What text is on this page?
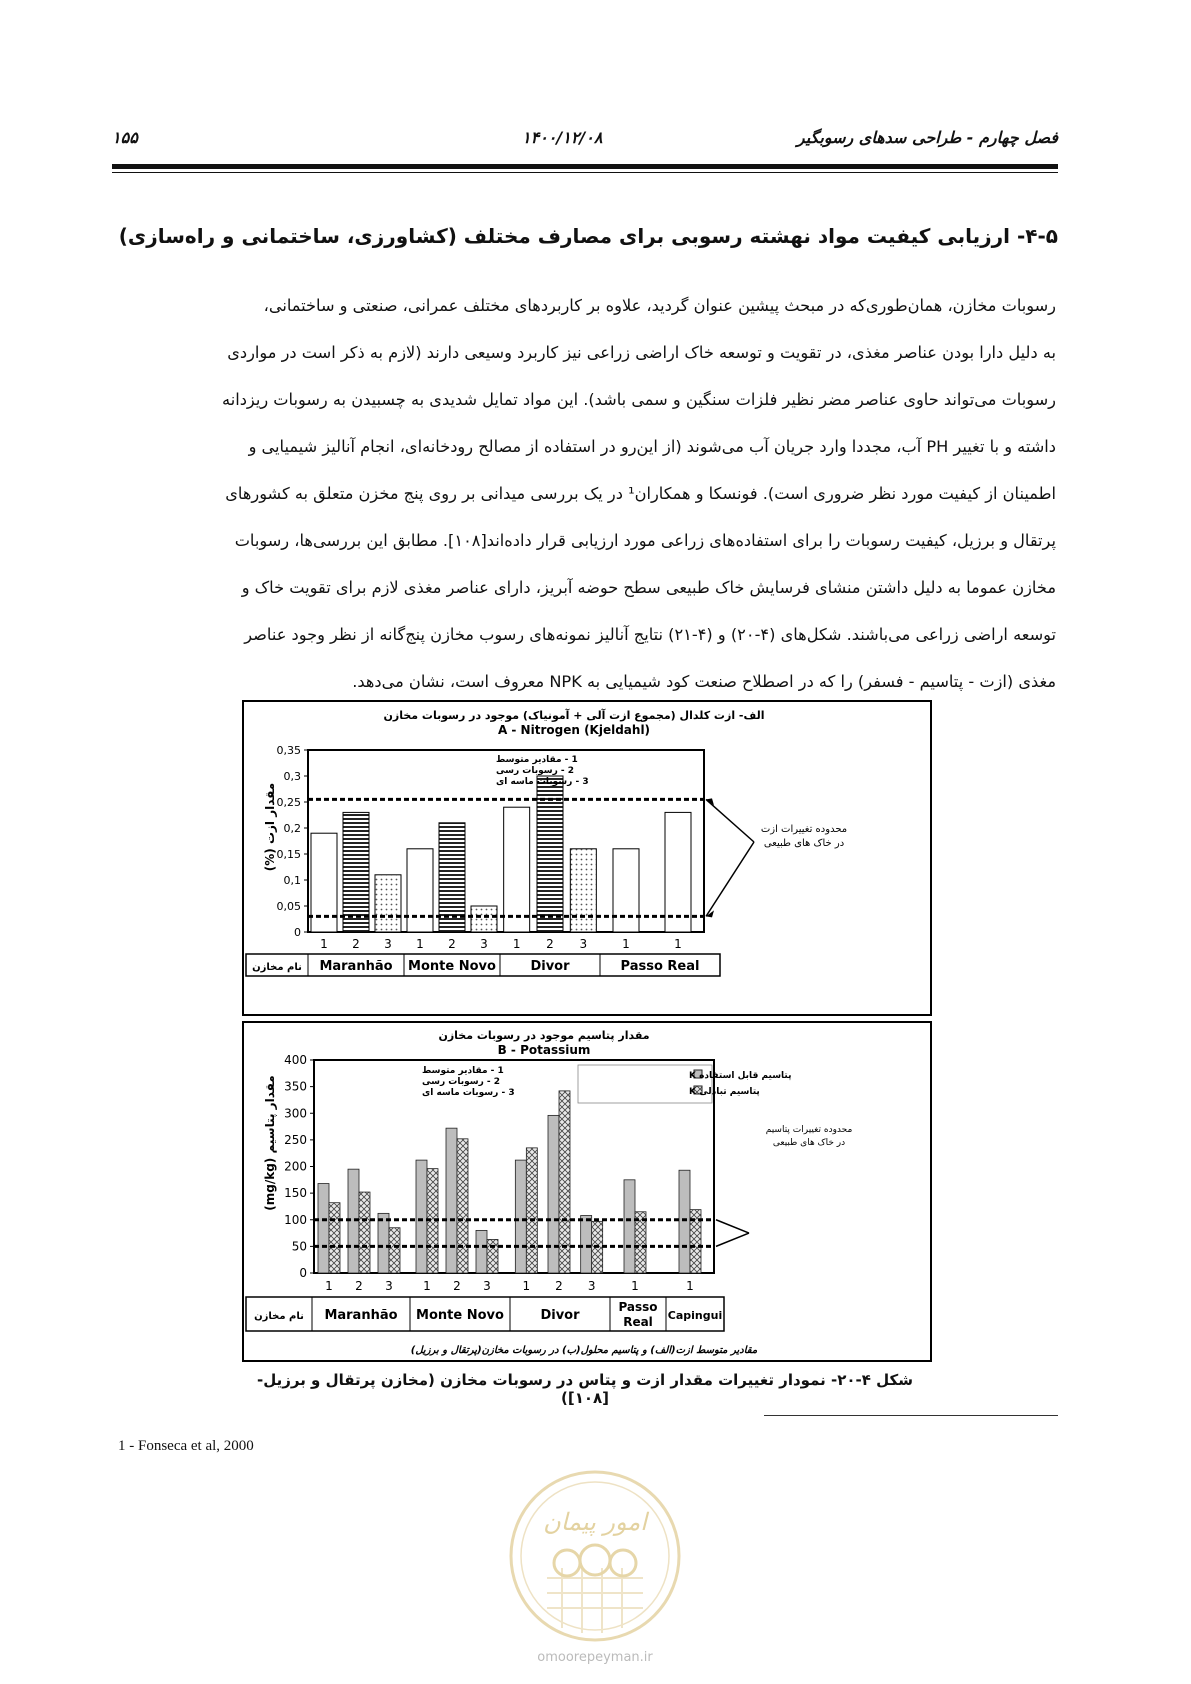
۱۵۵	۱۴۰۰/۱۲/۰۸	فصل چهارم - طراحی سدهای رسوبگیر
۴-۵- ارزیابی کیفیت مواد نهشته رسوبی برای مصارف مختلف (کشاورزی، ساختمانی و راه‌سازی)

رسوبات مخازن، همان‌طوری‌که در مبحث پیشین عنوان گردید، علاوه بر کاربردهای مختلف عمرانی، صنعتی و ساختمانی،

به دلیل دارا بودن عناصر مغذی، در تقویت و توسعه خاک اراضی زراعی نیز کاربرد وسیعی دارند (لازم به ذکر است در مواردی

رسوبات می‌تواند حاوی عناصر مضر نظیر فلزات سنگین و سمی باشد). این مواد تمایل شدیدی به چسبیدن به رسوبات ریزدانه

داشته و با تغییر PH آب، مجددا وارد جریان آب می‌شوند (از این‌رو در استفاده از مصالح رودخانه‌ای، انجام آنالیز شیمیایی و

اطمینان از کیفیت مورد نظر ضروری است). فونسکا و همکاران¹ در یک بررسی میدانی بر روی پنج مخزن متعلق به کشورهای

پرتقال و برزیل، کیفیت رسوبات را برای استفاده‌های زراعی مورد ارزیابی قرار داده‌اند[۱۰۸]. مطابق این بررسی‌ها، رسوبات

مخازن عموما به دلیل داشتن منشای فرسایش خاک طبیعی سطح حوضه آبریز، دارای عناصر مغذی لازم برای تقویت خاک و

توسعه اراضی زراعی می‌باشند. شکل‌های (۴-۲۰) و (۴-۲۱) نتایج آنالیز نمونه‌های رسوب مخازن پنج‌گانه از نظر وجود عناصر

مغذی (ازت - پتاسیم - فسفر) را که در اصطلاح صنعت کود شیمیایی به NPK معروف است، نشان می‌دهد.

الف- ازت کلدال (مجموع ازت آلی + آمونیاک) موجود در رسوبات مخازن
A - Nitrogen (Kjeldahl)
مقدار ازت (%)
0
0,05
0,1
0,15
0,2
0,25
0,3
0,35
1 2 3 1 2 3 1 2 3	1	1
1 - مقادیر متوسط
2 - رسوبات رسی
3 - رسوبات ماسه ای
نام مخازن Maranhão Monte Novo	Divor	Passo Real
محدوده تغییرات ازت
در خاک های طبیعی
مقدار پتاسیم موجود در رسوبات مخازن
B - Potassium
مقدار پتاسیم (mg/kg)
0
50
100
150
200
250
300
350
400
1 2 3	1 2 3	1 2 3	1	1
1 - مقادیر متوسط
2 - رسوبات رسی
3 - رسوبات ماسه ای
پتاسیم قابل استفاده K
پتاسیم تبادلی K
نام مخازن Maranhão Monte Novo	Divor
Passo
Real Capingui
محدوده تغییرات پتاسیم
در خاک های طبیعی
مقادیر متوسط ازت(الف) و پتاسیم محلول(ب) در رسوبات مخازن(پرتقال و برزیل)
شکل ۴-۲۰- نمودار تغییرات مقدار ازت و پتاس در رسوبات مخازن (مخازن پرتقال و برزیل- [۱۰۸])
1 - Fonseca et al, 2000
امور پیمان
omoorepeyman.ir
